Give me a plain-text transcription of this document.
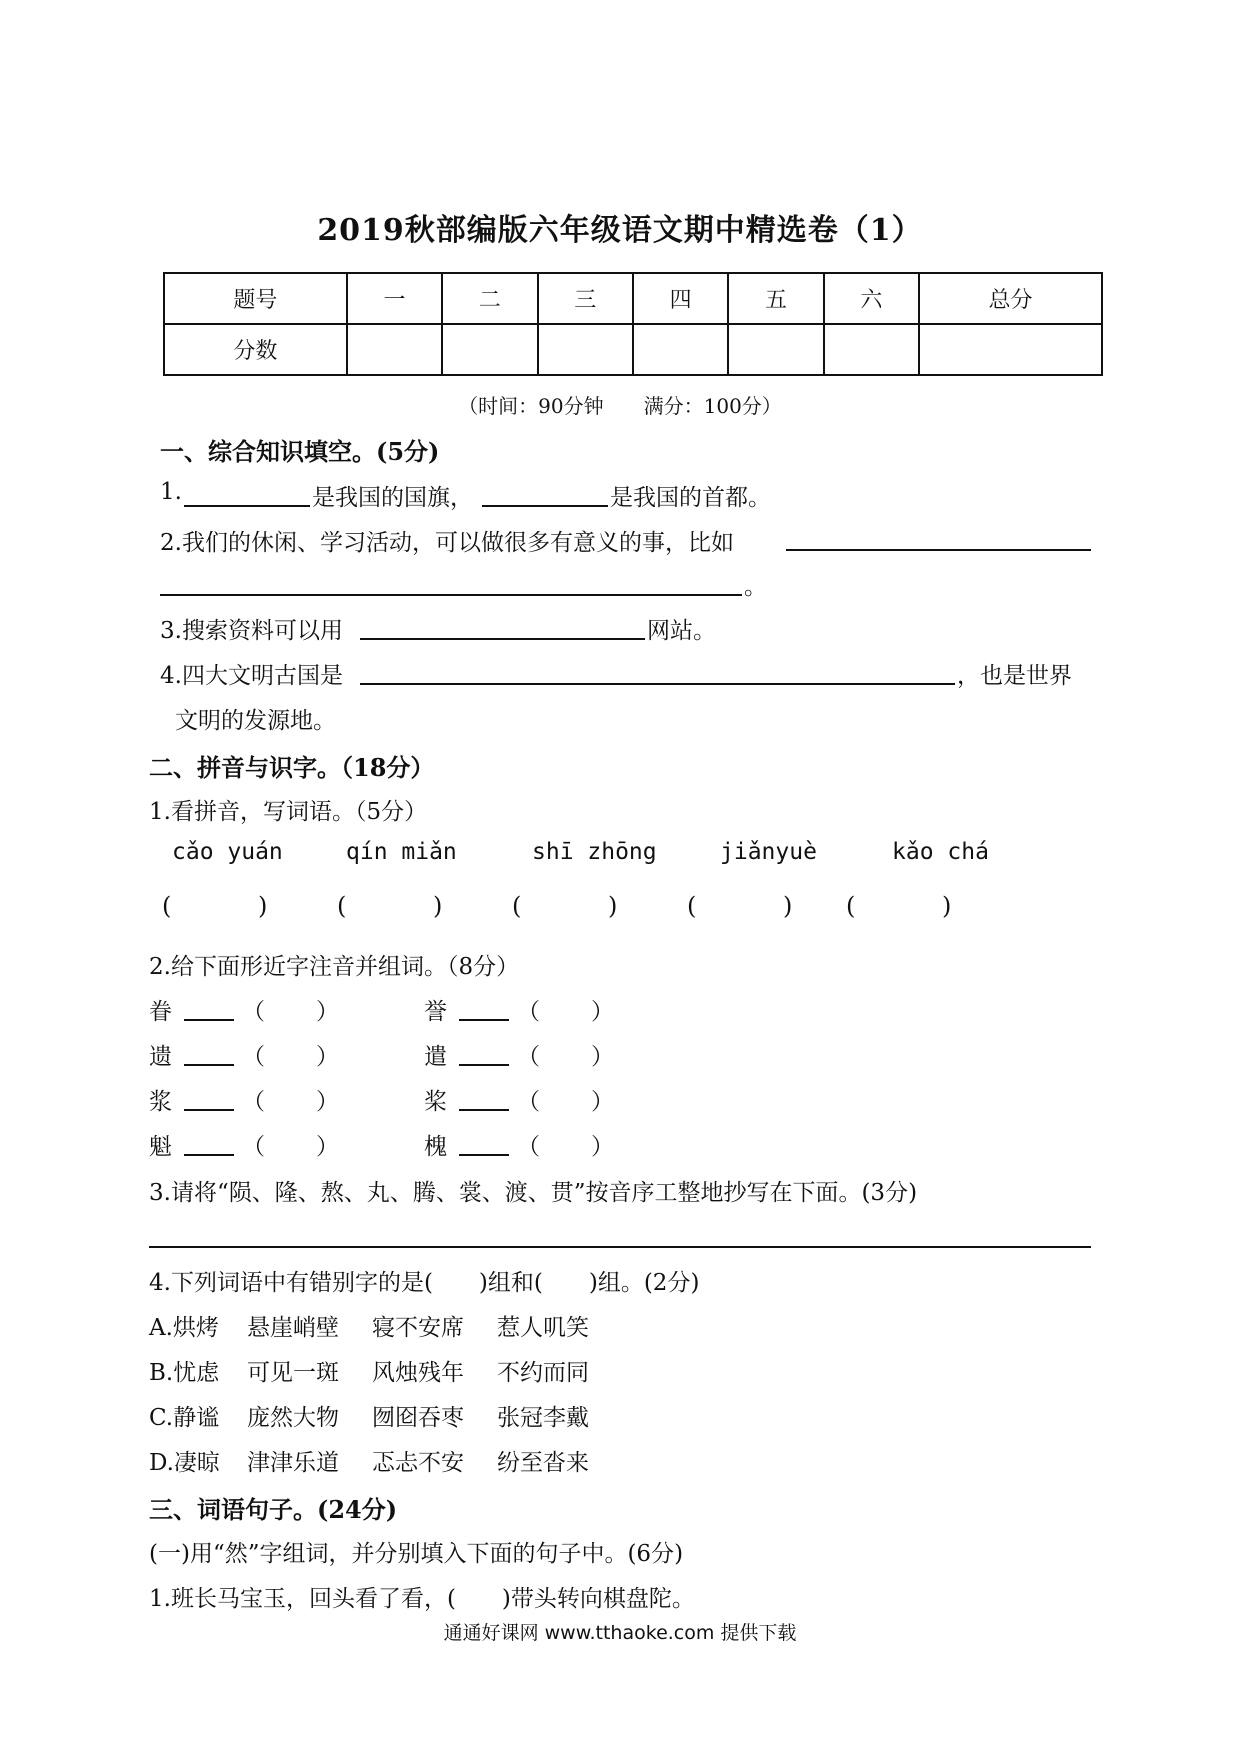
2019秋部编版六年级语文期中精选卷（1）
题号	一	二	三	四	五	六	总分
分数							
（时间：90分钟　　满分：100分）
一、综合知识填空。(5分)
1.	是我国的国旗，	是我国的首都。
2.我们的休闲、学习活动，可以做很多有意义的事，比如
。
3.搜索资料可以用	网站。
4.四大文明古国是	，也是世界
文明的发源地。
二、拼音与识字。（18分）
1.看拼音，写词语。（5分）
cǎo yuán	qín miǎn	shī zhōng	jiǎnyuè	kǎo chá
(	)	(	)	(	)	(	) (	)
2.给下面形近字注音并组词。（8分）
眷	（ ）	誉	（ ）
遗	（ ）	遣	（ ）
浆	（ ）	桨	（ ）
魁	（ ）	槐	（ ）
3.请将“陨、隆、熬、丸、腾、裳、渡、贯”按音序工整地抄写在下面。(3分)
4.下列词语中有错别字的是(　　)组和(　　)组。(2分)
A.烘烤 悬崖峭壁 寝不安席 惹人叽笑
B.忧虑 可见一斑 风烛残年 不约而同
C.静谧 庞然大物 囫囵吞枣 张冠李戴
D.凄晾 津津乐道 忑忐不安 纷至沓来
三、词语句子。(24分)
(一)用“然”字组词，并分别填入下面的句子中。(6分)
1.班长马宝玉，回头看了看，(　　)带头转向棋盘陀。
通通好课网 www.tthaoke.com 提供下载
